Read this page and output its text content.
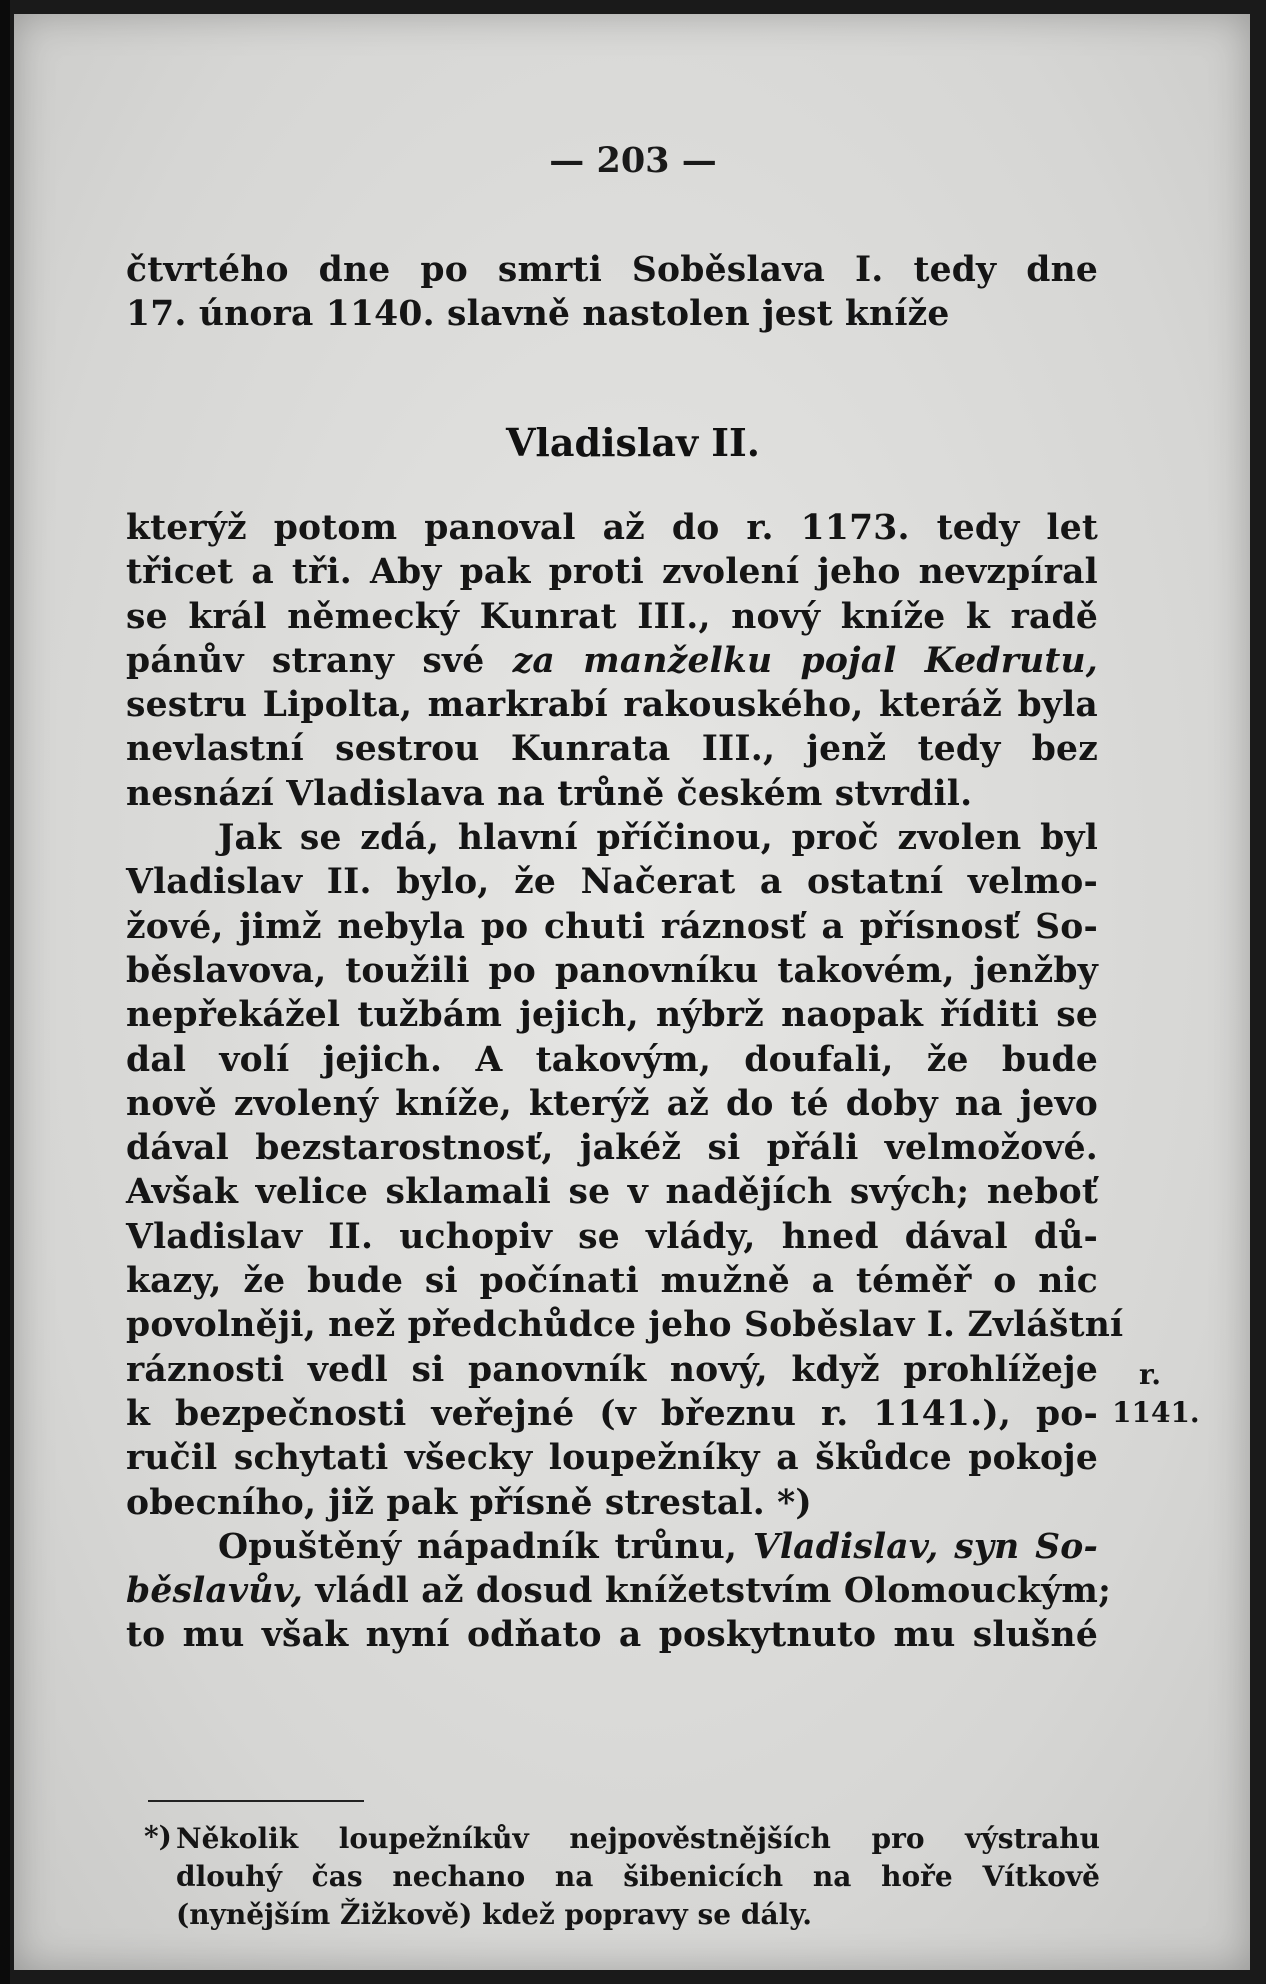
— 203 —
čtvrtého dne po smrti Soběslava I. tedy dne
17. února 1140. slavně nastolen jest kníže
Vladislav II.
kterýž potom panoval až do r. 1173. tedy let
třicet a tři. Aby pak proti zvolení jeho nevzpíral
se král německý Kunrat III., nový kníže k radě
pánův strany své za manželku pojal Kedrutu,
sestru Lipolta, markrabí rakouského, kteráž byla
nevlastní sestrou Kunrata III., jenž tedy bez
nesnází Vladislava na trůně českém stvrdil.
Jak se zdá, hlavní příčinou, proč zvolen byl
Vladislav II. bylo, že Načerat a ostatní velmo-
žové, jimž nebyla po chuti ráznosť a přísnosť So-
běslavova, toužili po panovníku takovém, jenžby
nepřekážel tužbám jejich, nýbrž naopak říditi se
dal volí jejich. A takovým, doufali, že bude
nově zvolený kníže, kterýž až do té doby na jevo
dával bezstarostnosť, jakéž si přáli velmožové.
Avšak velice sklamali se v nadějích svých; neboť
Vladislav II. uchopiv se vlády, hned dával dů-
kazy, že bude si počínati mužně a téměř o nic
povolněji, než předchůdce jeho Soběslav I. Zvláštní
ráznosti vedl si panovník nový, když prohlížeje
k bezpečnosti veřejné (v březnu r. 1141.), po-
ručil schytati všecky loupežníky a škůdce pokoje
obecního, již pak přísně strestal. *)
Opuštěný nápadník trůnu, Vladislav, syn So-
běslavův, vládl až dosud knížetstvím Olomouckým;
to mu však nyní odňato a poskytnuto mu slušné
r.
1141.
*) Několik loupežníkův nejpověstnějších pro výstrahu
dlouhý čas nechano na šibenicích na hoře Vítkově
(nynějším Žižkově) kdež popravy se dály.
